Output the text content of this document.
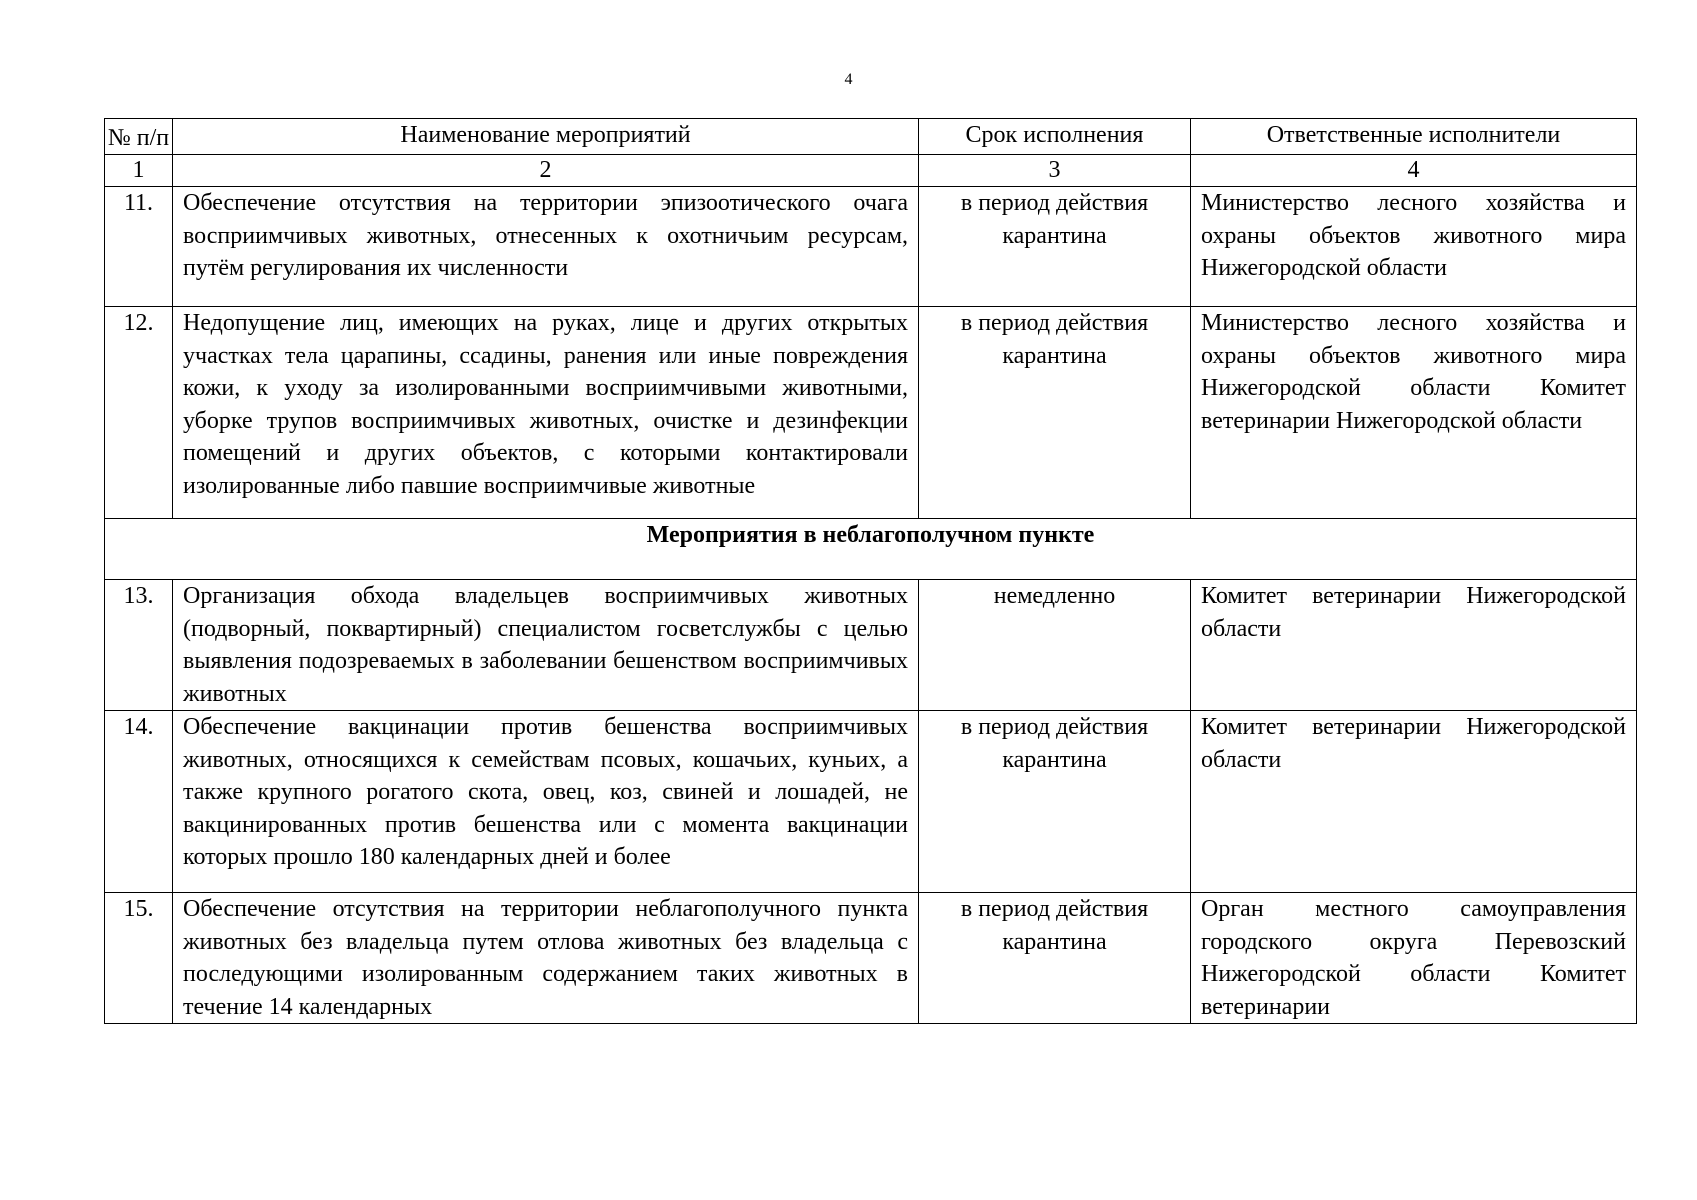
4
№ п/п	Наименование мероприятий	Срок исполнения	Ответственные исполнители
1	2	3	4
11.	Обеспечение отсутствия на территории эпизоотического очага восприимчивых животных, отнесенных к охотничьим ресурсам, путём регулирования их численности	в период действия карантина	Министерство лесного хозяйства и охраны объектов животного мира Нижегородской области
12.	Недопущение лиц, имеющих на руках, лице и других открытых участках тела царапины, ссадины, ранения или иные повреждения кожи, к уходу за изолированными восприимчивыми животными, уборке трупов восприимчивых животных, очистке и дезинфекции помещений и других объектов, с которыми контактировали изолированные либо павшие восприимчивые животные	в период действия карантина	Министерство лесного хозяйства и охраны объектов животного мира Нижегородской области Комитет ветеринарии Нижегородской области
Мероприятия в неблагополучном пункте			
13.	Организация обхода владельцев восприимчивых животных (подворный, поквартирный) специалистом госветслужбы с целью выявления подозреваемых в заболевании бешенством восприимчивых животных	немедленно	Комитет ветеринарии Нижегородской области
14.	Обеспечение вакцинации против бешенства восприимчивых животных, относящихся к семействам псовых, кошачьих, куньих, а также крупного рогатого скота, овец, коз, свиней и лошадей, не вакцинированных против бешенства или с момента вакцинации которых прошло 180 календарных дней и более	в период действия карантина	Комитет ветеринарии Нижегородской области
15.	Обеспечение отсутствия на территории неблагополучного пункта животных без владельца путем отлова животных без владельца с последующими изолированным содержанием таких животных в течение 14 календарных	в период действия карантина	Орган местного самоуправления городского округа Перевозский Нижегородской области Комитет ветеринарии
